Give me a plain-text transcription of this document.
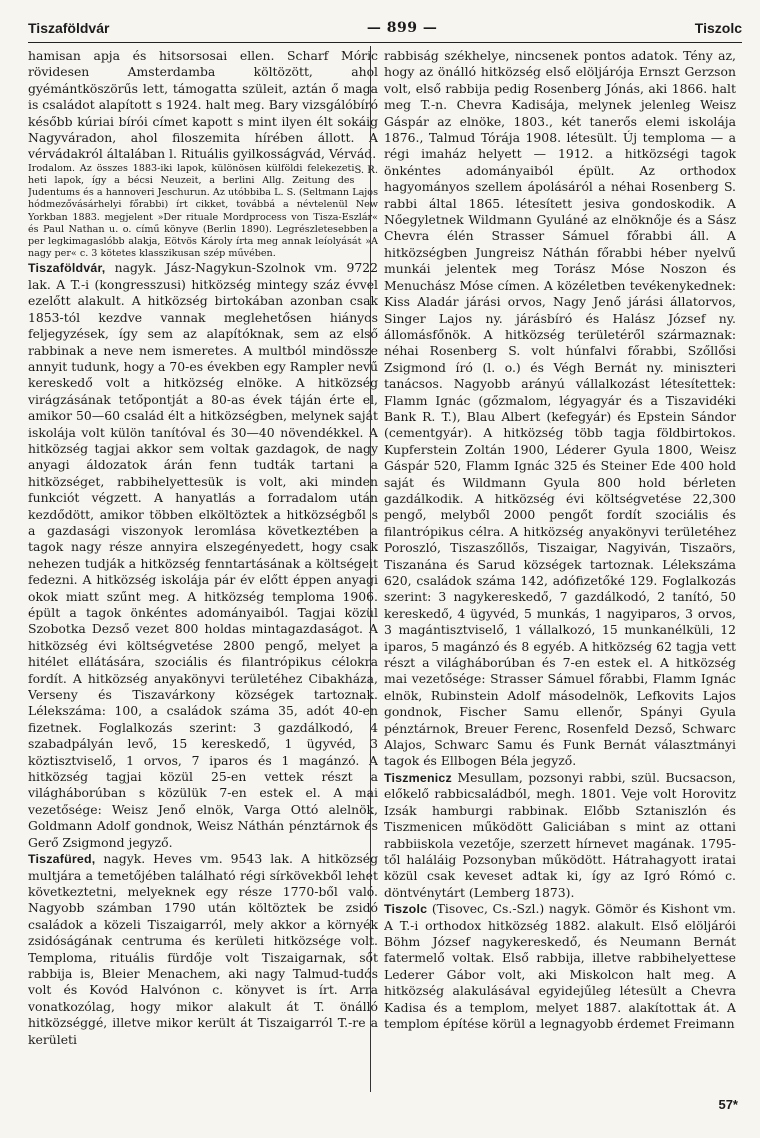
Tiszaföldvár	— 899 —	Tiszolc

hamisan apja és hitsorsosai ellen. Scharf Móric rövidesen Amsterdamba költözött, ahol gyémántköszörűs lett, támogatta szüleit, aztán ő maga is családot alapított s 1924. halt meg. Bary vizsgálóbíró később kúriai bírói címet kapott s mint ilyen élt sokáig Nagyváradon, ahol filoszemita hírében állott. A vérvádakról általában l. Rituális gyilkosságvád, Vérvád.
S. R.

Irodalom. Az összes 1883-iki lapok, különösen külföldi felekezeti heti lapok, így a bécsi Neuzeit, a berlini Allg. Zeitung des Judentums és a hannoveri Jeschurun. Az utóbbiba L. S. (Seltmann Lajos hódmezővásárhelyi főrabbi) írt cikket, továbbá a névtelenül New Yorkban 1883. megjelent »Der rituale Mordprocess von Tisza-Eszlár« és Paul Nathan u. o. című könyve (Berlin 1890). Legrészletesebben a per legkimagaslóbb alakja, Eötvös Károly írta meg annak leíolyását »A nagy per« c. 3 kötetes klasszikusan szép művében.

Tiszaföldvár, nagyk. Jász-Nagykun-Szolnok vm. 9722 lak. A T.-i (kongresszusi) hitközség mintegy száz évvel ezelőtt alakult. A hitközség birtokában azonban csak 1853-tól kezdve vannak meglehetősen hiányos feljegyzések, így sem az alapítóknak, sem az első rabbinak a neve nem ismeretes. A multból mindössze annyit tudunk, hogy a 70-es években egy Rampler nevű kereskedő volt a hitközség elnöke. A hitközség virágzásának tetőpontját a 80-as évek táján érte el, amikor 50—60 család élt a hitközségben, melynek saját iskolája volt külön tanítóval és 30—40 növendékkel. A hitközség tagjai akkor sem voltak gazdagok, de nagy anyagi áldozatok árán fenn tudták tartani a hitközséget, rabbihelyettesük is volt, aki minden funkciót végzett. A hanyatlás a forradalom után kezdődött, amikor többen elköltöztek a hitközségből s a gazdasági viszonyok leromlása következtében a tagok nagy része annyira elszegényedett, hogy csak nehezen tudják a hitközség fenntartásának a költségeit fedezni. A hitközség iskolája pár év előtt éppen anyagi okok miatt szűnt meg. A hitközség temploma 1906. épült a tagok önkéntes adományaiból. Tagjai közül Szobotka Dezső vezet 800 holdas mintagazdaságot. A hitközség évi költségvetése 2800 pengő, melyet a hitélet ellátására, szociális és filantrópikus célokra fordít. A hitközség anyakönyvi területéhez Cibakháza, Verseny és Tiszavárkony községek tartoznak. Lélekszáma: 100, a családok száma 35, adót 40-en fizetnek. Foglalkozás szerint: 3 gazdálkodó, 4 szabadpályán levő, 15 kereskedő, 1 ügyvéd, 3 köztisztviselő, 1 orvos, 7 iparos és 1 magánzó. A hitközség tagjai közül 25-en vettek részt a világháborúban s közülük 7-en estek el. A mai vezetősége: Weisz Jenő elnök, Varga Ottó alelnök, Goldmann Adolf gondnok, Weisz Náthán pénztárnok és Gerő Zsigmond jegyző.

Tiszafüred, nagyk. Heves vm. 9543 lak. A hitközség multjára a temetőjében található régi sírkövekből lehet következtetni, melyeknek egy része 1770-ből való. Nagyobb számban 1790 után költöztek be zsidó családok a közeli Tiszaigarról, mely akkor a környék zsidóságának centruma és kerületi hitközsége volt. Temploma, rituális fürdője volt Tiszaigarnak, sőt rabbija is, Bleier Menachem, aki nagy Talmud-tudós volt és Kovód Halvónon c. könyvet is írt. Arra vonatkozólag, hogy mikor alakult át T. önálló hitközséggé, illetve mikor került át Tiszaigarról T.-re a kerületi

rabbiság székhelye, nincsenek pontos adatok. Tény az, hogy az önálló hitközség első elöljárója Ernszt Gerzson volt, első rabbija pedig Rosenberg Jónás, aki 1866. halt meg T.-n. Chevra Kadisája, melynek jelenleg Weisz Gáspár az elnöke, 1803., két tanerős elemi iskolája 1876., Talmud Tórája 1908. létesült. Új temploma — a régi imaház helyett — 1912. a hitközségi tagok önkéntes adományaiból épült. Az orthodox hagyományos szellem ápolásáról a néhai Rosenberg S. rabbi által 1865. létesített jesiva gondoskodik. A Nőegyletnek Wildmann Gyuláné az elnöknője és a Sász Chevra élén Strasser Sámuel főrabbi áll. A hitközségben Jungreisz Náthán főrabbi héber nyelvű munkái jelentek meg Torász Móse Noszon és Menuchász Móse címen. A közéletben tevékenykednek: Kiss Aladár járási orvos, Nagy Jenő járási állatorvos, Singer Lajos ny. járásbíró és Halász József ny. állomásfőnök. A hitközség területéről származnak: néhai Rosenberg S. volt húnfalvi főrabbi, Szőllősi Zsigmond író (l. o.) és Végh Bernát ny. miniszteri tanácsos. Nagyobb arányú vállalkozást létesítettek: Flamm Ignác (gőzmalom, légyagyár és a Tiszavidéki Bank R. T.), Blau Albert (kefegyár) és Epstein Sándor (cementgyár). A hitközség több tagja földbirtokos. Kupferstein Zoltán 1900, Léderer Gyula 1800, Weisz Gáspár 520, Flamm Ignác 325 és Steiner Ede 400 hold saját és Wildmann Gyula 800 hold bérleten gazdálkodik. A hitközség évi költségvetése 22,300 pengő, melyből 2000 pengőt fordít szociális és filantrópikus célra. A hitközség anyakönyvi területéhez Poroszló, Tiszaszőllős, Tiszaigar, Nagyiván, Tiszaörs, Tiszanána és Sarud községek tartoznak. Lélekszáma 620, családok száma 142, adófizetőké 129. Foglalkozás szerint: 3 nagykereskedő, 7 gazdálkodó, 2 tanító, 50 kereskedő, 4 ügyvéd, 5 munkás, 1 nagyiparos, 3 orvos, 3 magántisztviselő, 1 vállalkozó, 15 munkanélküli, 12 iparos, 5 magánzó és 8 egyéb. A hitközség 62 tagja vett részt a világháborúban és 7-en estek el. A hitközség mai vezetősége: Strasser Sámuel főrabbi, Flamm Ignác elnök, Rubinstein Adolf másodelnök, Lefkovits Lajos gondnok, Fischer Samu ellenőr, Spányi Gyula pénztárnok, Breuer Ferenc, Rosenfeld Dezső, Schwarc Alajos, Schwarc Samu és Funk Bernát választmányi tagok és Ellbogen Béla jegyző.

Tiszmenicz Mesullam, pozsonyi rabbi, szül. Bucsacson, előkelő rabbicsaládból, megh. 1801. Veje volt Horovitz Izsák hamburgi rabbinak. Előbb Sztaniszlón és Tiszmenicen működött Galiciában s mint az ottani rabbiiskola vezetője, szerzett hírnevet magának. 1795-től haláláig Pozsonyban működött. Hátrahagyott iratai közül csak keveset adtak ki, így az Igró Rómó c. döntvénytárt (Lemberg 1873).

Tiszolc (Tisovec, Cs.-Szl.) nagyk. Gömör és Kishont vm. A T.-i orthodox hitközség 1882. alakult. Első elöljárói Böhm József nagykereskedő, és Neumann Bernát fatermelő voltak. Első rabbija, illetve rabbihelyettese Lederer Gábor volt, aki Miskolcon halt meg. A hitközség alakulásával egyidejűleg létesült a Chevra Kadisa és a templom, melyet 1887. alakítottak át. A templom építése körül a legnagyobb érdemet Freimann

57*
